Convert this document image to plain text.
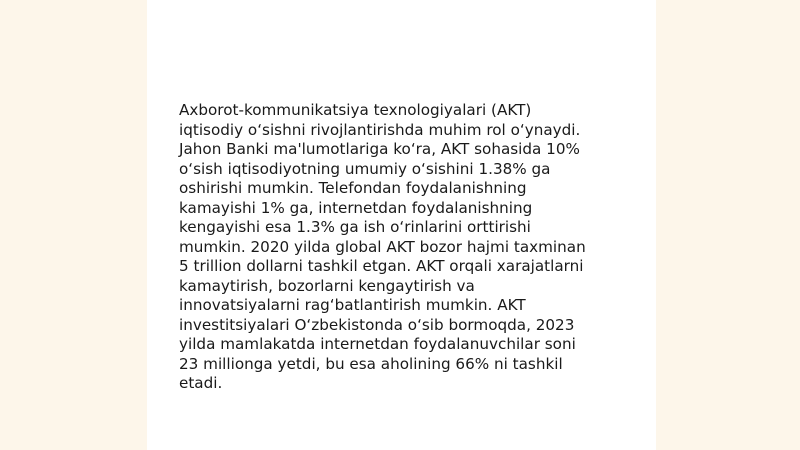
Axborot-kommunikatsiya texnologiyalari (AKT)
iqtisodiy o‘sishni rivojlantirishda muhim rol o‘ynaydi.
Jahon Banki ma'lumotlariga ko‘ra, AKT sohasida 10%
o‘sish iqtisodiyotning umumiy o‘sishini 1.38% ga
oshirishi mumkin. Telefondan foydalanishning
kamayishi 1% ga, internetdan foydalanishning
kengayishi esa 1.3% ga ish o‘rinlarini orttirishi
mumkin. 2020 yilda global AKT bozor hajmi taxminan
5 trillion dollarni tashkil etgan. AKT orqali xarajatlarni
kamaytirish, bozorlarni kengaytirish va
innovatsiyalarni rag‘batlantirish mumkin. AKT
investitsiyalari O‘zbekistonda o‘sib bormoqda, 2023
yilda mamlakatda internetdan foydalanuvchilar soni
23 millionga yetdi, bu esa aholining 66% ni tashkil
etadi.
